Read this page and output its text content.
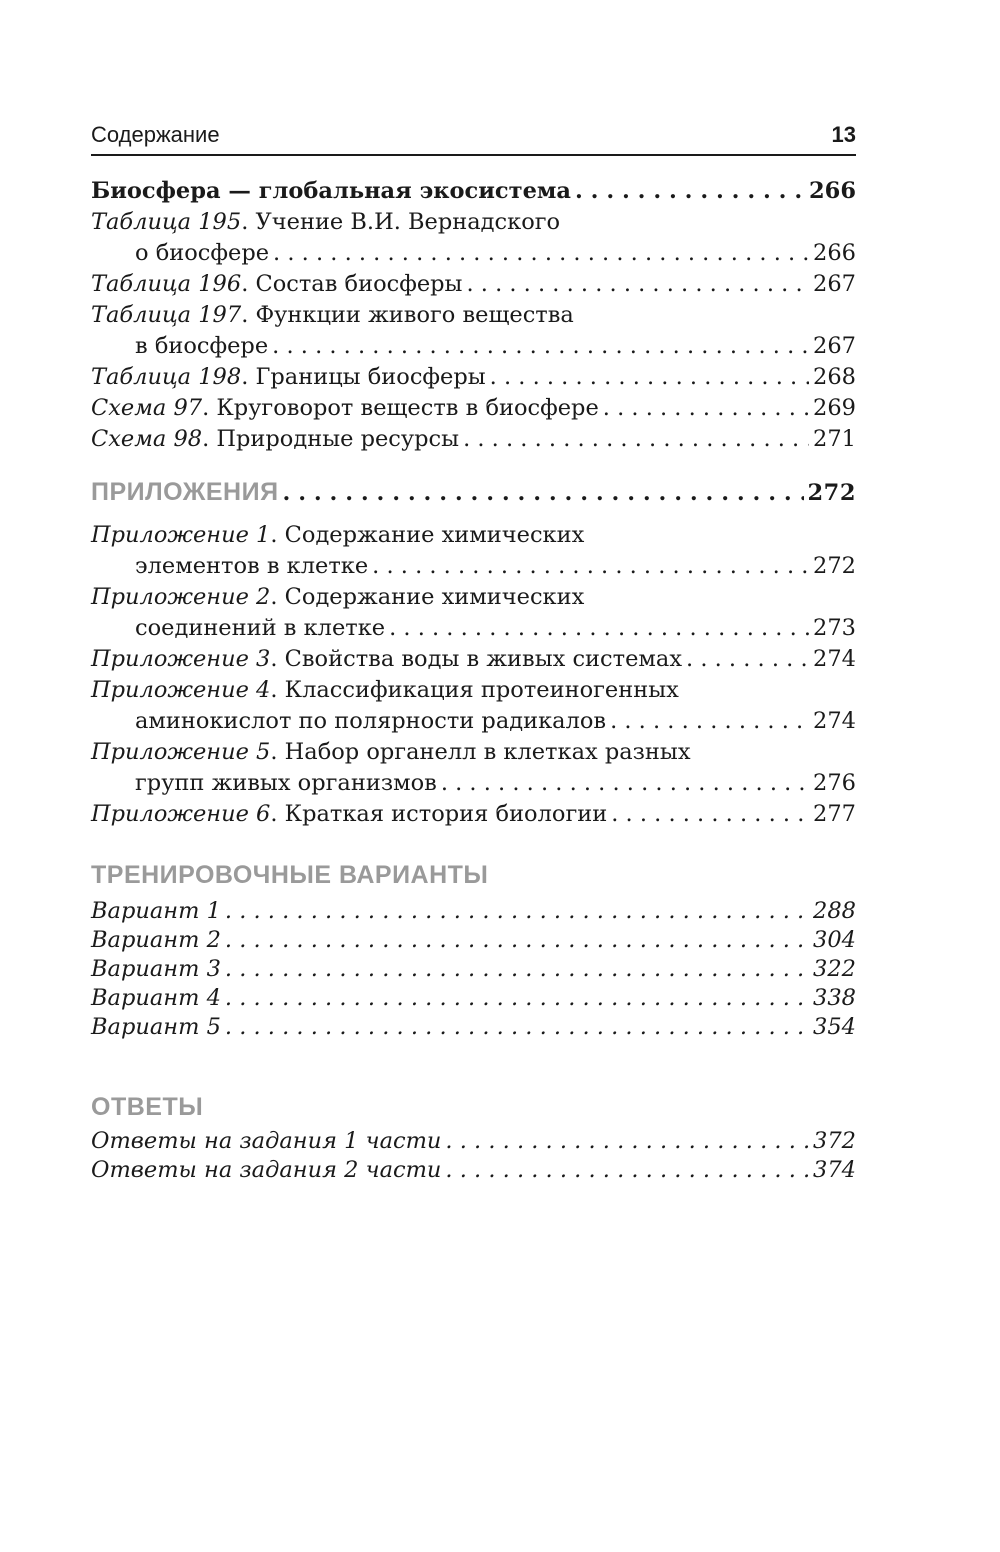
Содержание	13
Биосфера — глобальная экосистема . . .	266
Таблица 195. Учение В.И. Вернадского
о биосфере . . .	266
Таблица 196. Состав биосферы . . .	267
Таблица 197. Функции живого вещества
в биосфере . . .	267
Таблица 198. Границы биосферы . . .	268
Схема 97. Круговорот веществ в биосфере . . .	269
Схема 98. Природные ресурсы . . .	271
ПРИЛОЖЕНИЯ . . .	272
Приложение 1. Содержание химических
элементов в клетке . . .	272
Приложение 2. Содержание химических
соединений в клетке . . .	273
Приложение 3. Свойства воды в живых системах . . .	274
Приложение 4. Классификация протеиногенных
аминокислот по полярности радикалов . . .	274
Приложение 5. Набор органелл в клетках разных
групп живых организмов . . .	276
Приложение 6. Краткая история биологии . . .	277
ТРЕНИРОВОЧНЫЕ ВАРИАНТЫ
Вариант 1 . . .	288
Вариант 2 . . .	304
Вариант 3 . . .	322
Вариант 4 . . .	338
Вариант 5 . . .	354
ОТВЕТЫ
Ответы на задания 1 части . . .	372
Ответы на задания 2 части . . .	374
